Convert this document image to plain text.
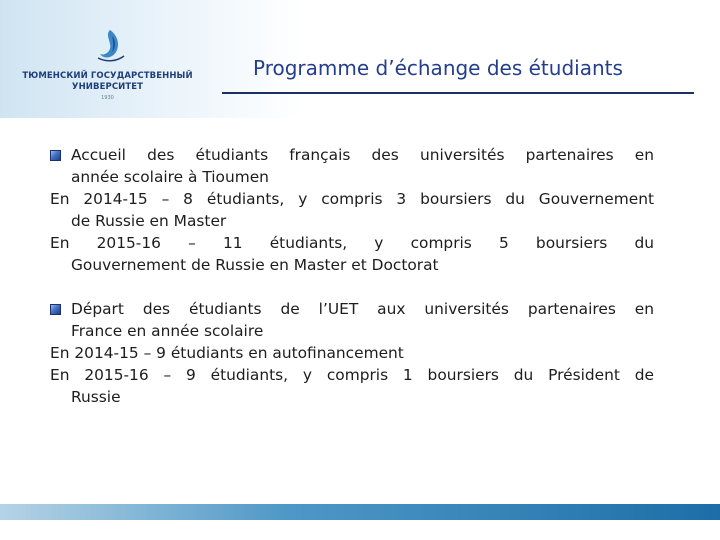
ТЮМЕНСКИЙ ГОСУДАРСТВЕННЫЙ
УНИВЕРСИТЕТ
1930
Programme d’échange des étudiants
Accueil des étudiants français des universités partenaires en
année scolaire à Tioumen
En 2014-15 – 8 étudiants, y compris 3 boursiers du Gouvernement
de Russie en Master
En 2015-16 – 11 étudiants, y compris 5 boursiers du
Gouvernement de Russie en Master et Doctorat
Départ des étudiants de l’UET aux universités partenaires en
France en année scolaire
En 2014-15 – 9 étudiants en autofinancement
En 2015-16 – 9 étudiants, y compris 1 boursiers du Président de
Russie
